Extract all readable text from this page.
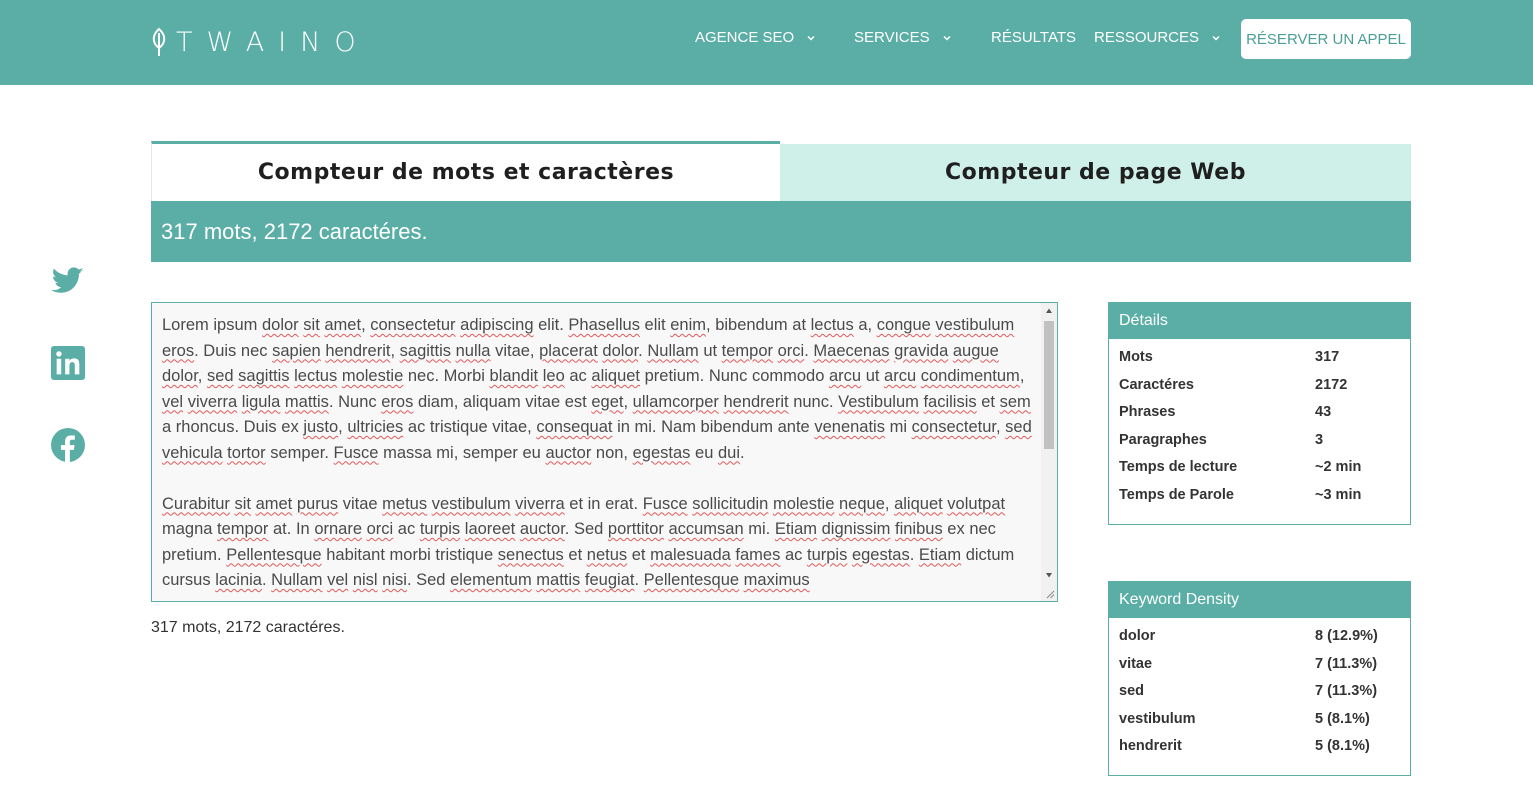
TWAINO	AGENCE SEO	SERVICES	RÉSULTATS RESSOURCES	RÉSERVER UN APPEL
Compteur de mots et caractères	Compteur de page Web
317 mots, 2172 caractéres.

Lorem ipsum dolor sit amet, consectetur adipiscing elit. Phasellus elit enim, bibendum at lectus a, congue vestibulum eros. Duis nec sapien hendrerit, sagittis nulla vitae, placerat dolor. Nullam ut tempor orci. Maecenas gravida augue dolor, sed sagittis lectus molestie nec. Morbi blandit leo ac aliquet pretium. Nunc commodo arcu ut arcu condimentum, vel viverra ligula mattis. Nunc eros diam, aliquam vitae est eget, ullamcorper hendrerit nunc. Vestibulum facilisis et sem a rhoncus. Duis ex justo, ultricies ac tristique vitae, consequat in mi. Nam bibendum ante venenatis mi consectetur, sed vehicula tortor semper. Fusce massa mi, semper eu auctor non, egestas eu dui.

Curabitur sit amet purus vitae metus vestibulum viverra et in erat. Fusce sollicitudin molestie neque, aliquet volutpat magna tempor at. In ornare orci ac turpis laoreet auctor. Sed porttitor accumsan mi. Etiam dignissim finibus ex nec pretium. Pellentesque habitant morbi tristique senectus et netus et malesuada fames ac turpis egestas. Etiam dictum cursus lacinia. Nullam vel nisl nisi. Sed elementum mattis feugiat. Pellentesque maximus

317 mots, 2172 caractéres.
Détails
Mots	317
Caractéres	2172
Phrases	43
Paragraphes	3
Temps de lecture	~2 min
Temps de Parole	~3 min
Keyword Density
dolor	8 (12.9%)
vitae	7 (11.3%)
sed	7 (11.3%)
vestibulum	5 (8.1%)
hendrerit	5 (8.1%)
